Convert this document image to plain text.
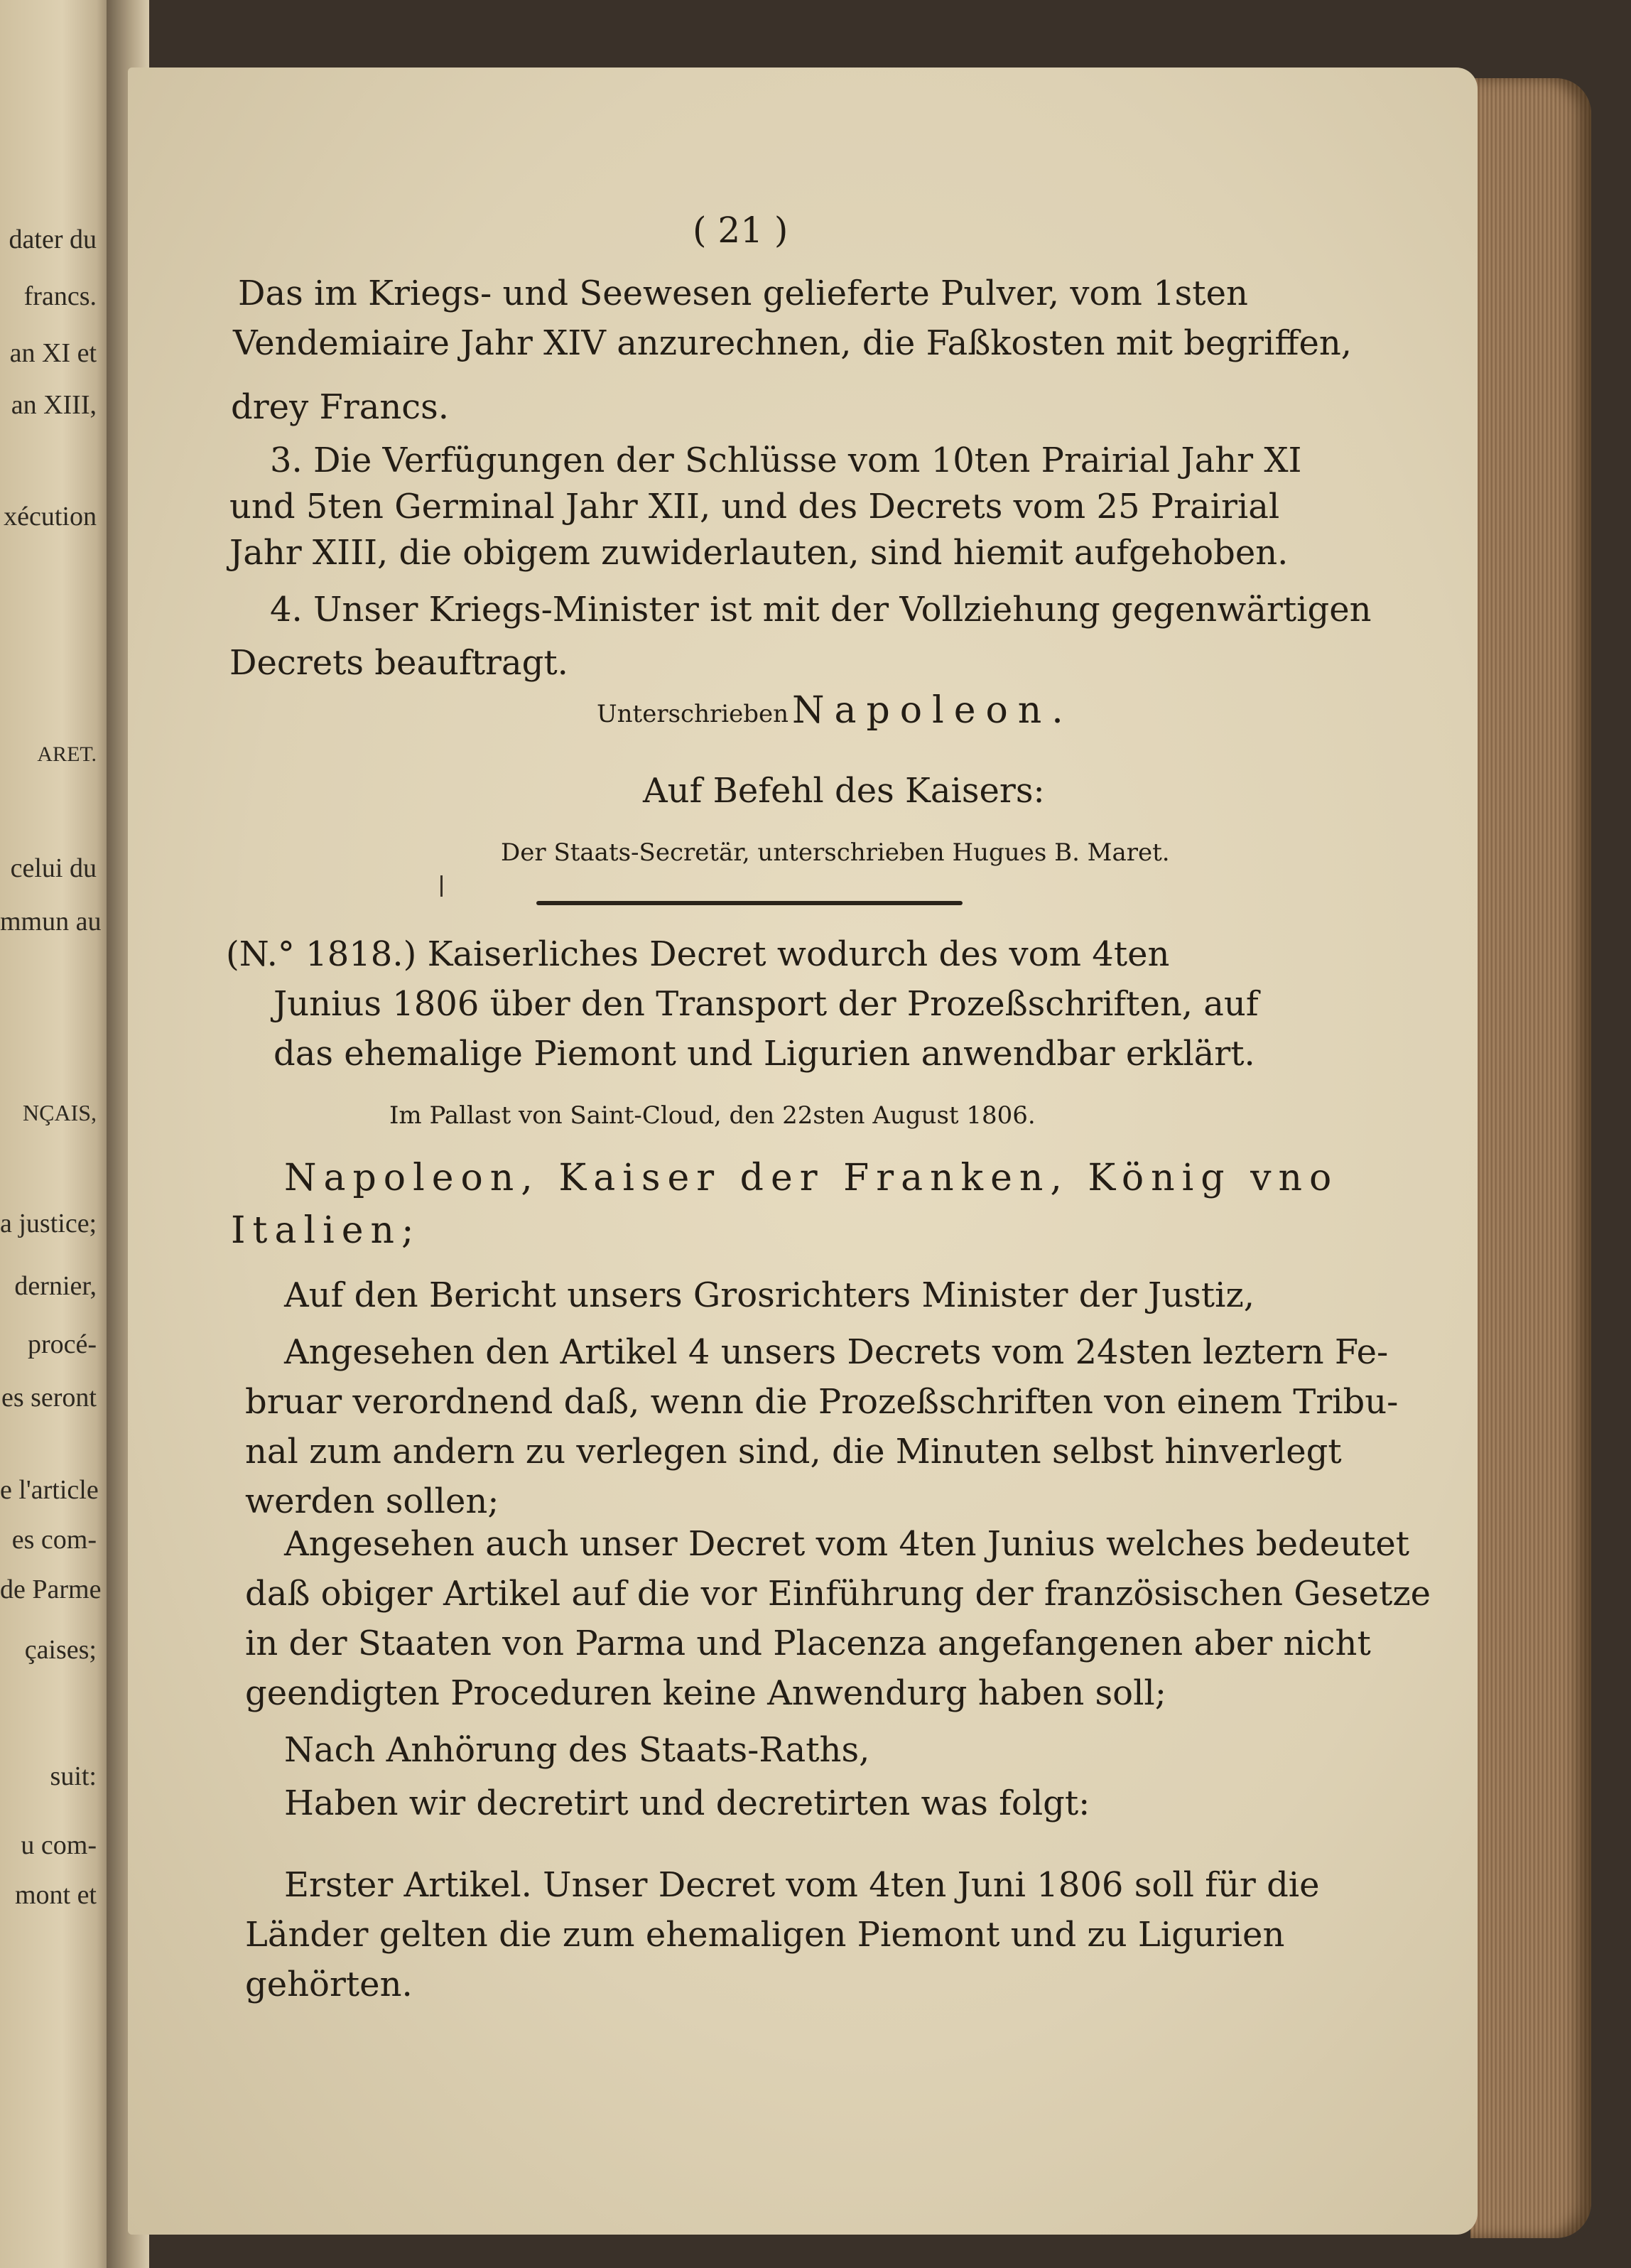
dater du
francs.
an XI et
an XIII,
xécution
ARET.
celui du
mmun au
NÇAIS,
a justice;
dernier,
procé-
es seront
e l'article
es com-
de Parme
çaises;
suit:
u com-
mont et
( 21 )
Das im Kriegs- und Seewesen gelieferte Pulver, vom 1sten
Vendemiaire Jahr XIV anzurechnen, die Faßkosten mit begriffen,
drey Francs.
3. Die Verfügungen der Schlüsse vom 10ten Prairial Jahr XI
und 5ten Germinal Jahr XII, und des Decrets vom 25 Prairial
Jahr XIII, die obigem zuwiderlauten, sind hiemit aufgehoben.
4. Unser Kriegs-Minister ist mit der Vollziehung gegenwärtigen
Decrets beauftragt.
Unterschrieben Napoleon.
Auf Befehl des Kaisers:
Der Staats-Secretär, unterschrieben Hugues B. Maret.
(N.° 1818.) Kaiserliches Decret wodurch des vom 4ten
Junius 1806 über den Transport der Prozeßschriften, auf
das ehemalige Piemont und Ligurien anwendbar erklärt.
Im Pallast von Saint-Cloud, den 22sten August 1806.
Napoleon, Kaiser der Franken, König vno
Italien;
Auf den Bericht unsers Grosrichters Minister der Justiz,
Angesehen den Artikel 4 unsers Decrets vom 24sten leztern Fe-
bruar verordnend daß, wenn die Prozeßschriften von einem Tribu-
nal zum andern zu verlegen sind, die Minuten selbst hinverlegt
werden sollen;
Angesehen auch unser Decret vom 4ten Junius welches bedeutet
daß obiger Artikel auf die vor Einführung der französischen Gesetze
in der Staaten von Parma und Placenza angefangenen aber nicht
geendigten Proceduren keine Anwendurg haben soll;
Nach Anhörung des Staats-Raths,
Haben wir decretirt und decretirten was folgt:
Erster Artikel. Unser Decret vom 4ten Juni 1806 soll für die
Länder gelten die zum ehemaligen Piemont und zu Ligurien
gehörten.
